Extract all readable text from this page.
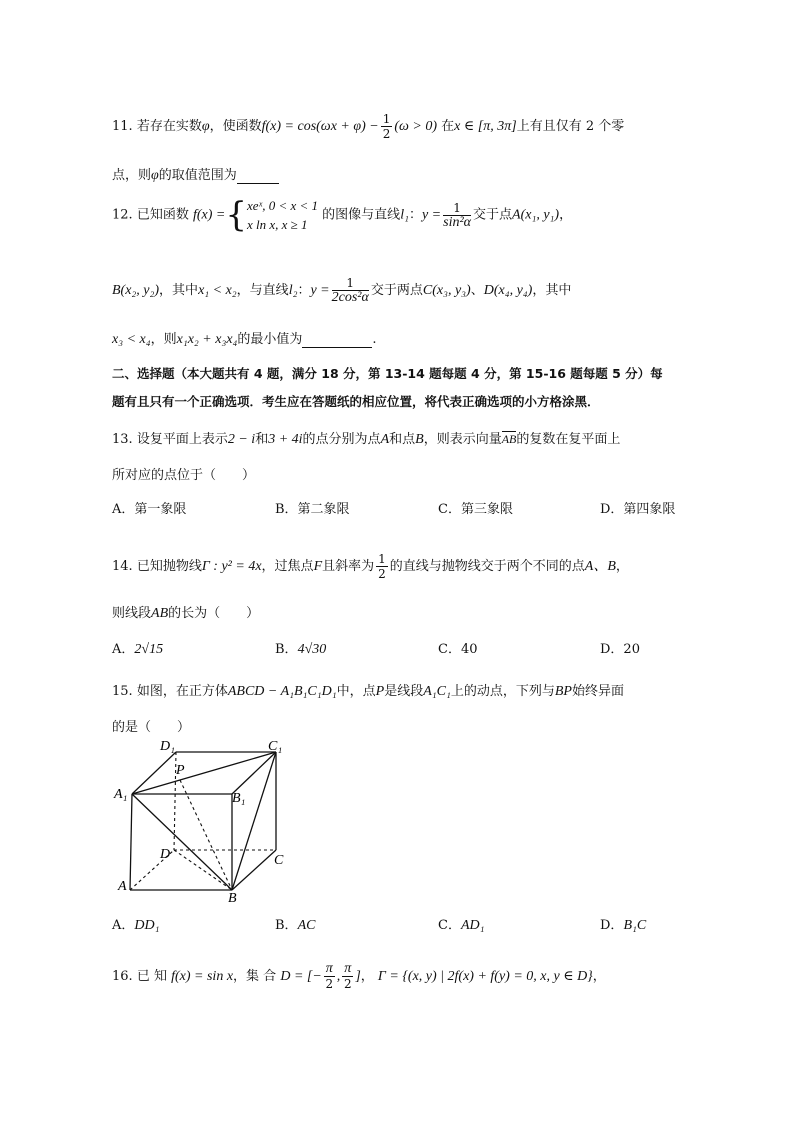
11. 若存在实数φ，使函数$f(x) = \cos(\omega x + \varphi) - \frac{1}{2} (\omega > 0)$ 在x ∈ [π, 3π]上有且仅有 2 个零
点，则φ的取值范围为
12. 已知函数 f(x) ={ xeˣ, 0 < x < 1
x ln x, x ≥ 1
的图像与直线l₁：$y = \frac{1}{\text{sin²α}}$ 交于点A(x₁, y₁)，
B(x₂, y₂)，其中x₁ < x₂，与直线l₂：$y = \frac{1}{\text{2cos²α}}$ 交于两点C(x₃, y₃)、D(x₄, y₄)，其中
x₃ < x₄，则x₁x₂ + x₃x₄的最小值为	.
二、选择题（本大题共有 4 题，满分 18 分，第 13-14 题每题 4 分，第 15-16 题每题 5 分）每
题有且只有一个正确选项．考生应在答题纸的相应位置，将代表正确选项的小方格涂黑．
13. 设复平面上表示2 − i和3 + 4i的点分别为点A和点B，则表示向量AB的复数在复平面上
所对应的点位于（　　）
A．第一象限	B．第二象限	C．第三象限	D．第四象限
14. 已知抛物线Γ : y² = 4x，过焦点F且斜率为 $\frac{1}{2}$ 的直线与抛物线交于两个不同的点A、B，
则线段AB的长为（　　）
A．2√15	B．4√30	C．40	D．20
15. 如图，在正方体ABCD − A₁B₁C₁D₁中，点P是线段A₁C₁上的动点，下列与BP始终异面
的是（　　）
D₁	C₁
P
A₁	B₁
D	C
A
B
A．DD₁	B．AC	C．AD₁	D．B₁C
16. 已 知 f(x) = sin x，集 合 D = [− $\frac{\pi}{2}$ , $\frac{\pi}{2}$ ]， Γ = {(x, y) | 2f(x) + f(y) = 0, x, y ∈ D}，
